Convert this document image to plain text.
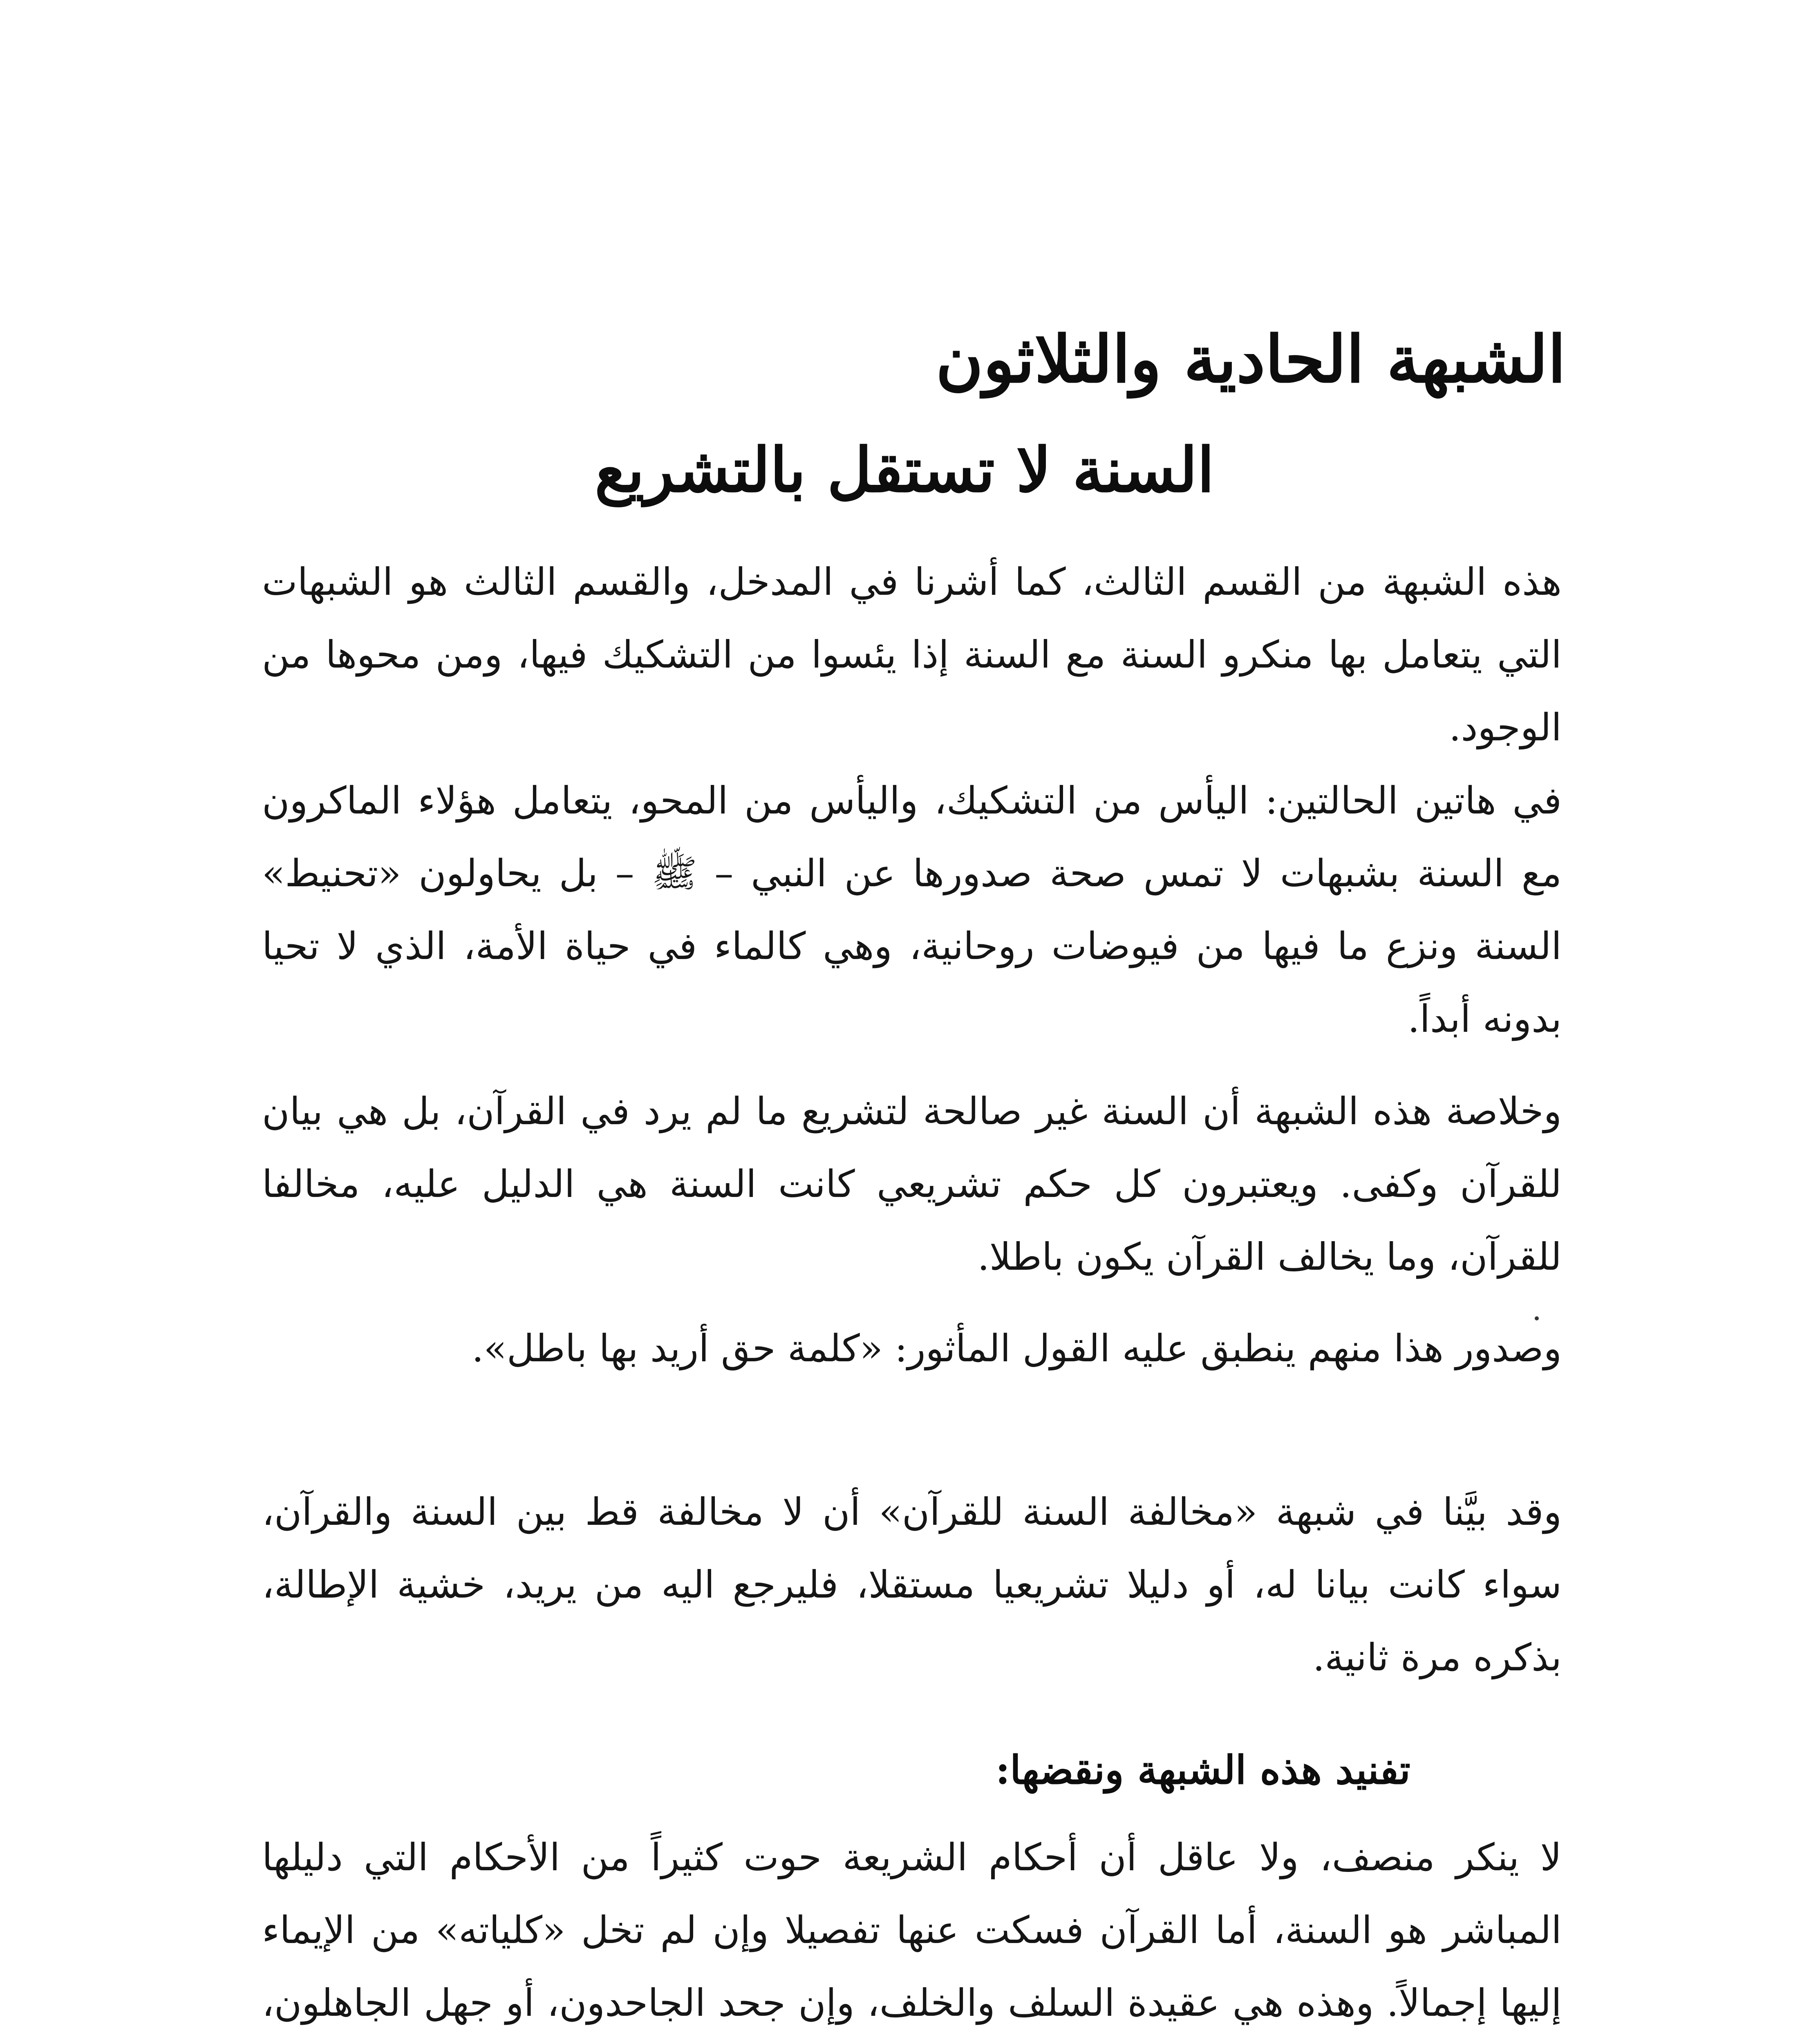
الشبهة الحادية والثلاثون
السنة لا تستقل بالتشريع

هذه الشبهة من القسم الثالث، كما أشرنا في المدخل، والقسم الثالث هو الشبهات التي يتعامل بها منكرو السنة مع السنة إذا يئسوا من التشكيك فيها، ومن محوها من الوجود.

في هاتين الحالتين: اليأس من التشكيك، واليأس من المحو، يتعامل هؤلاء الماكرون مع السنة بشبهات لا تمس صحة صدورها عن النبي – ﷺ – بل يحاولون «تحنيط» السنة ونزع ما فيها من فيوضات روحانية، وهي كالماء في حياة الأمة، الذي لا تحيا بدونه أبداً.

وخلاصة هذه الشبهة أن السنة غير صالحة لتشريع ما لم يرد في القرآن، بل هي بيان للقرآن وكفى. ويعتبرون كل حكم تشريعي كانت السنة هي الدليل عليه، مخالفا للقرآن، وما يخالف القرآن يكون باطلا.

وصدور هذا منهم ينطبق عليه القول المأثور: «كلمة حق أريد بها باطل».

وقد بيَّنا في شبهة «مخالفة السنة للقرآن» أن لا مخالفة قط بين السنة والقرآن، سواء كانت بيانا له، أو دليلا تشريعيا مستقلا، فليرجع اليه من يريد، خشية الإطالة، بذكره مرة ثانية.

تفنيد هذه الشبهة ونقضها:

لا ينكر منصف، ولا عاقل أن أحكام الشريعة حوت كثيراً من الأحكام التي دليلها المباشر هو السنة، أما القرآن فسكت عنها تفصيلا وإن لم تخل «كلياته» من الإيماء إليها إجمالاً. وهذه هي عقيدة السلف والخلف، وإن جحد الجاحدون، أو جهل الجاهلون،
